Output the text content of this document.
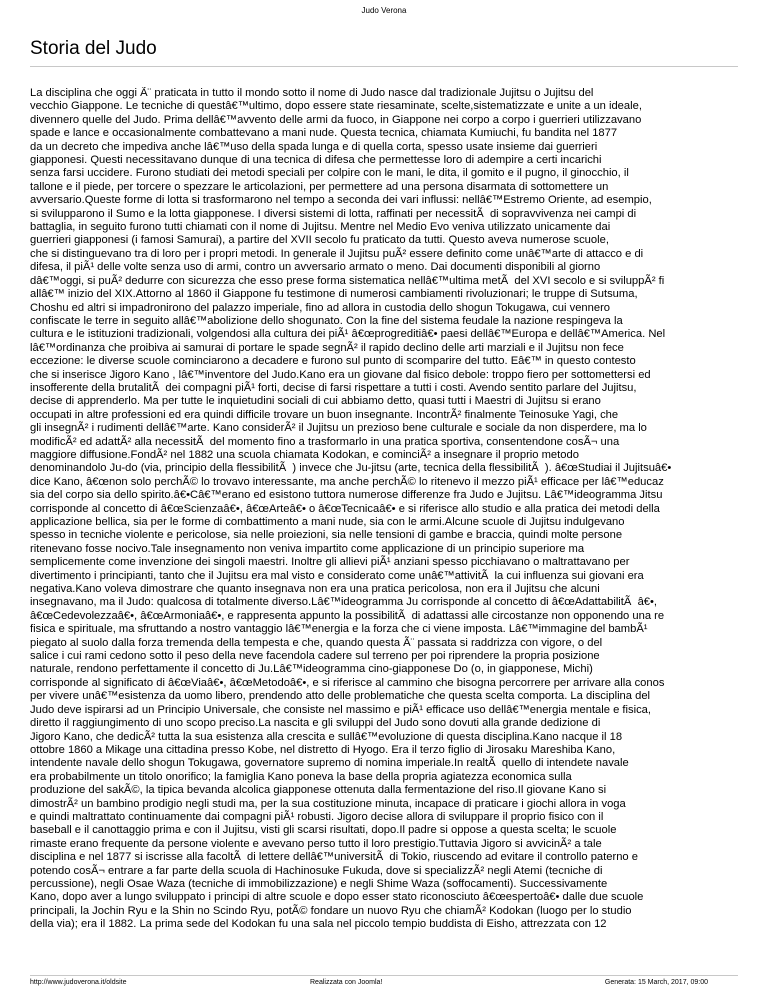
Judo Verona
Storia del Judo
La disciplina che oggi Ã¨ praticata in tutto il mondo sotto il nome di Judo nasce dal tradizionale Jujitsu o Jujitsu del
vecchio Giappone. Le tecniche di questâ€™ultimo, dopo essere state riesaminate, scelte,sistematizzate e unite a un ideale,
divennero quelle del Judo. Prima dellâ€™avvento delle armi da fuoco, in Giappone nei corpo a corpo i guerrieri utilizzavano
spade e lance e occasionalmente combattevano a mani nude. Questa tecnica, chiamata Kumiuchi, fu bandita nel 1877
da un decreto che impediva anche lâ€™uso della spada lunga e di quella corta, spesso usate insieme dai guerrieri
giapponesi. Questi necessitavano dunque di una tecnica di difesa che permettesse loro di adempire a certi incarichi
senza farsi uccidere. Furono studiati dei metodi speciali per colpire con le mani, le dita, il gomito e il pugno, il ginocchio, il
tallone e il piede, per torcere o spezzare le articolazioni, per permettere ad una persona disarmata di sottomettere un
avversario.Queste forme di lotta si trasformarono nel tempo a seconda dei vari influssi: nellâ€™Estremo Oriente, ad esempio,
si svilupparono il Sumo e la lotta giapponese. I diversi sistemi di lotta, raffinati per necessitÃ  di sopravvivenza nei campi di
battaglia, in seguito furono tutti chiamati con il nome di Jujitsu. Mentre nel Medio Evo veniva utilizzato unicamente dai
guerrieri giapponesi (i famosi Samurai), a partire del XVII secolo fu praticato da tutti. Questo aveva numerose scuole,
che si distinguevano tra di loro per i propri metodi. In generale il Jujitsu puÃ² essere definito come unâ€™arte di attacco e di
difesa, il piÃ¹ delle volte senza uso di armi, contro un avversario armato o meno. Dai documenti disponibili al giorno
dâ€™oggi, si puÃ² dedurre con sicurezza che esso prese forma sistematica nellâ€™ultima metÃ  del XVI secolo e si sviluppÃ² fi
allâ€™ inizio del XIX.Attorno al 1860 il Giappone fu testimone di numerosi cambiamenti rivoluzionari; le truppe di Sutsuma,
Choshu ed altri si impadronirono del palazzo imperiale, fino ad allora in custodia dello shogun Tokugawa, cui vennero
confiscate le terre in seguito allâ€™abolizione dello shogunato. Con la fine del sistema feudale la nazione respingeva la
cultura e le istituzioni tradizionali, volgendosi alla cultura dei piÃ¹ â€œprogreditiâ€• paesi dellâ€™Europa e dellâ€™America. Nel
lâ€™ordinanza che proibiva ai samurai di portare le spade segnÃ² il rapido declino delle arti marziali e il Jujitsu non fece
eccezione: le diverse scuole cominciarono a decadere e furono sul punto di scomparire del tutto. Eâ€™ in questo contesto
che si inserisce Jigoro Kano , lâ€™inventore del Judo.Kano era un giovane dal fisico debole: troppo fiero per sottomettersi ed
insofferente della brutalitÃ  dei compagni piÃ¹ forti, decise di farsi rispettare a tutti i costi. Avendo sentito parlare del Jujitsu,
decise di apprenderlo. Ma per tutte le inquietudini sociali di cui abbiamo detto, quasi tutti i Maestri di Jujitsu si erano
occupati in altre professioni ed era quindi difficile trovare un buon insegnante. IncontrÃ² finalmente Teinosuke Yagi, che
gli insegnÃ² i rudimenti dellâ€™arte. Kano considerÃ² il Jujitsu un prezioso bene culturale e sociale da non disperdere, ma lo
modificÃ² ed adattÃ² alla necessitÃ  del momento fino a trasformarlo in una pratica sportiva, consentendone cosÃ¬ una
maggiore diffusione.FondÃ² nel 1882 una scuola chiamata Kodokan, e cominciÃ² a insegnare il proprio metodo
denominandolo Ju-do (via, principio della flessibilitÃ  ) invece che Ju-jitsu (arte, tecnica della flessibilitÃ  ). â€œStudiai il Jujitsuâ€•
dice Kano, â€œnon solo perchÃ© lo trovavo interessante, ma anche perchÃ© lo ritenevo il mezzo piÃ¹ efficace per lâ€™educaz
sia del corpo sia dello spirito.â€•Câ€™erano ed esistono tuttora numerose differenze fra Judo e Jujitsu. Lâ€™ideogramma Jitsu
corrisponde al concetto di â€œScienzaâ€•, â€œArteâ€• o â€œTecnicaâ€• e si riferisce allo studio e alla pratica dei metodi della
applicazione bellica, sia per le forme di combattimento a mani nude, sia con le armi.Alcune scuole di Jujitsu indulgevano
spesso in tecniche violente e pericolose, sia nelle proiezioni, sia nelle tensioni di gambe e braccia, quindi molte persone
ritenevano fosse nocivo.Tale insegnamento non veniva impartito come applicazione di un principio superiore ma
semplicemente come invenzione dei singoli maestri. Inoltre gli allievi piÃ¹ anziani spesso picchiavano o maltrattavano per
divertimento i principianti, tanto che il Jujitsu era mal visto e considerato come unâ€™attivitÃ  la cui influenza sui giovani era
negativa.Kano voleva dimostrare che quanto insegnava non era una pratica pericolosa, non era il Jujitsu che alcuni
insegnavano, ma il Judo: qualcosa di totalmente diverso.Lâ€™ideogramma Ju corrisponde al concetto di â€œAdattabilitÃ  â€•,
â€œCedevolezzaâ€•, â€œArmoniaâ€•, e rappresenta appunto la possibilitÃ  di adattassi alle circostanze non opponendo una re
fisica e spirituale, ma sfruttando a nostro vantaggio lâ€™energia e la forza che ci viene imposta. Lâ€™immagine del bambÃ¹
piegato al suolo dalla forza tremenda della tempesta e che, quando questa Ã¨ passata si raddrizza con vigore, o del
salice i cui rami cedono sotto il peso della neve facendola cadere sul terreno per poi riprendere la propria posizione
naturale, rendono perfettamente il concetto di Ju.Lâ€™ideogramma cino-giapponese Do (o, in giapponese, Michi)
corrisponde al significato di â€œViaâ€•, â€œMetodoâ€•, e si riferisce al cammino che bisogna percorrere per arrivare alla conos
per vivere unâ€™esistenza da uomo libero, prendendo atto delle problematiche che questa scelta comporta. La disciplina del
Judo deve ispirarsi ad un Principio Universale, che consiste nel massimo e piÃ¹ efficace uso dellâ€™energia mentale e fisica,
diretto il raggiungimento di uno scopo preciso.La nascita e gli sviluppi del Judo sono dovuti alla grande dedizione di
Jigoro Kano, che dedicÃ² tutta la sua esistenza alla crescita e sullâ€™evoluzione di questa disciplina.Kano nacque il 18
ottobre 1860 a Mikage una cittadina presso Kobe, nel distretto di Hyogo. Era il terzo figlio di Jirosaku Mareshiba Kano,
intendente navale dello shogun Tokugawa, governatore supremo di nomina imperiale.In realtÃ  quello di intendete navale
era probabilmente un titolo onorifico; la famiglia Kano poneva la base della propria agiatezza economica sulla
produzione del sakÃ©, la tipica bevanda alcolica giapponese ottenuta dalla fermentazione del riso.Il giovane Kano si
dimostrÃ² un bambino prodigio negli studi ma, per la sua costituzione minuta, incapace di praticare i giochi allora in voga
e quindi maltrattato continuamente dai compagni piÃ¹ robusti. Jigoro decise allora di sviluppare il proprio fisico con il
baseball e il canottaggio prima e con il Jujitsu, visti gli scarsi risultati, dopo.Il padre si oppose a questa scelta; le scuole
rimaste erano frequente da persone violente e avevano perso tutto il loro prestigio.Tuttavia Jigoro si avvicinÃ² a tale
disciplina e nel 1877 si iscrisse alla facoltÃ  di lettere dellâ€™universitÃ  di Tokio, riuscendo ad evitare il controllo paterno e
potendo cosÃ¬ entrare a far parte della scuola di Hachinosuke Fukuda, dove si specializzÃ² negli Atemi (tecniche di
percussione), negli Osae Waza (tecniche di immobilizzazione) e negli Shime Waza (soffocamenti). Successivamente
Kano, dopo aver a lungo sviluppato i principi di altre scuole e dopo esser stato riconosciuto â€œespertoâ€• dalle due scuole
principali, la Jochin Ryu e la Shin no Scindo Ryu, potÃ© fondare un nuovo Ryu che chiamÃ² Kodokan (luogo per lo studio
della via); era il 1882. La prima sede del Kodokan fu una sala nel piccolo tempio buddista di Eisho, attrezzata con 12
http://www.judoverona.it/oldsite	Realizzata con Joomla!	Generata: 15 March, 2017, 09:00
